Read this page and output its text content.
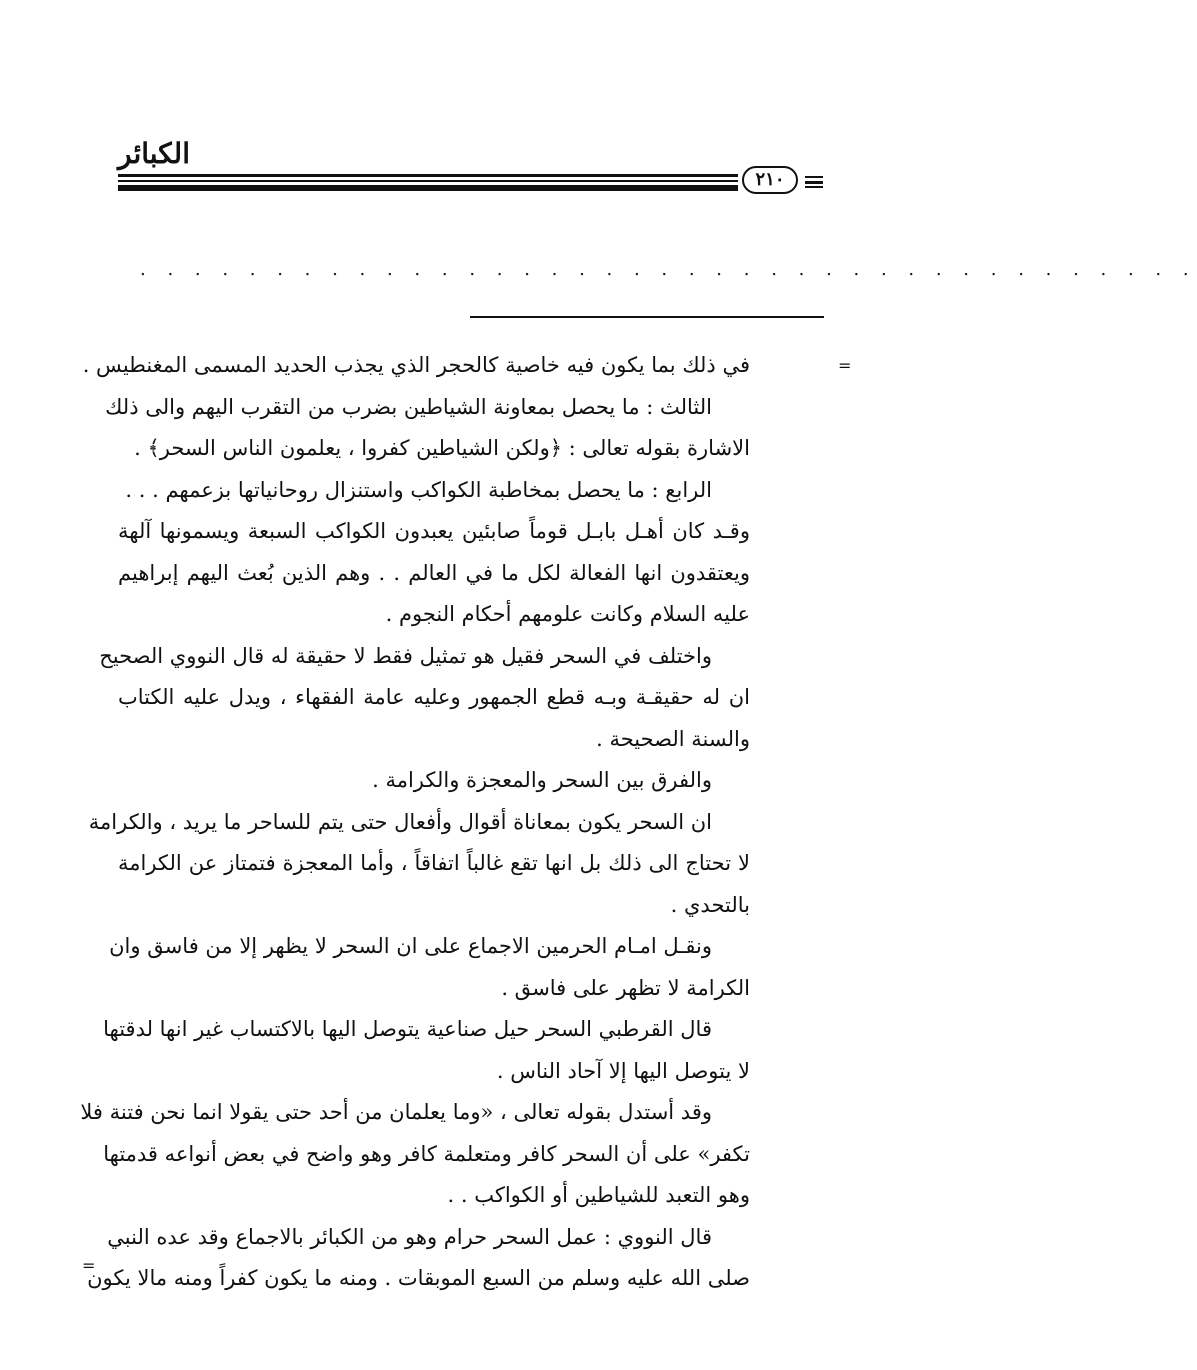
الكبائر
٢١٠
. . . . . . . . . . . . . . . . . . . . . . . . . . . . . . . . . . . . . . .
=
=
في ذلك بما يكون فيه خاصية كالحجر الذي يجذب الحديد المسمى المغنطيس .
الثالث : ما يحصل بمعاونة الشياطين بضرب من التقرب اليهم والى ذلك
الاشارة بقوله تعالى : ﴿ولكن الشياطين كفروا ، يعلمون الناس السحر﴾ .
الرابع : ما يحصل بمخاطبة الكواكب واستنزال روحانياتها بزعمهم . . .
وقـد كان أهـل بابـل قوماً صابئين يعبدون الكواكب السبعة ويسمونها آلهة
ويعتقدون انها الفعالة لكل ما في العالم . . وهم الذين بُعث اليهم إبراهيم
عليه السلام وكانت علومهم أحكام النجوم .
واختلف في السحر فقيل هو تمثيل فقط لا حقيقة له قال النووي الصحيح
ان له حقيقـة وبـه قطع الجمهور وعليه عامة الفقهاء ، ويدل عليه الكتاب
والسنة الصحيحة .
والفرق بين السحر والمعجزة والكرامة .
ان السحر يكون بمعاناة أقوال وأفعال حتى يتم للساحر ما يريد ، والكرامة
لا تحتاج الى ذلك بل انها تقع غالباً اتفاقاً ، وأما المعجزة فتمتاز عن الكرامة
بالتحدي .
ونقـل امـام الحرمين الاجماع على ان السحر لا يظهر إلا من فاسق وان
الكرامة لا تظهر على فاسق .
قال القرطبي السحر حيل صناعية يتوصل اليها بالاكتساب غير انها لدقتها
لا يتوصل اليها إلا آحاد الناس .
وقد أستدل بقوله تعالى ، «وما يعلمان من أحد حتى يقولا انما نحن فتنة فلا
تكفر» على أن السحر كافر ومتعلمة كافر وهو واضح في بعض أنواعه قدمتها
وهو التعبد للشياطين أو الكواكب . .
قال النووي : عمل السحر حرام وهو من الكبائر بالاجماع وقد عده النبي
صلى الله عليه وسلم من السبع الموبقات . ومنه ما يكون كفراً ومنه مالا يكون
